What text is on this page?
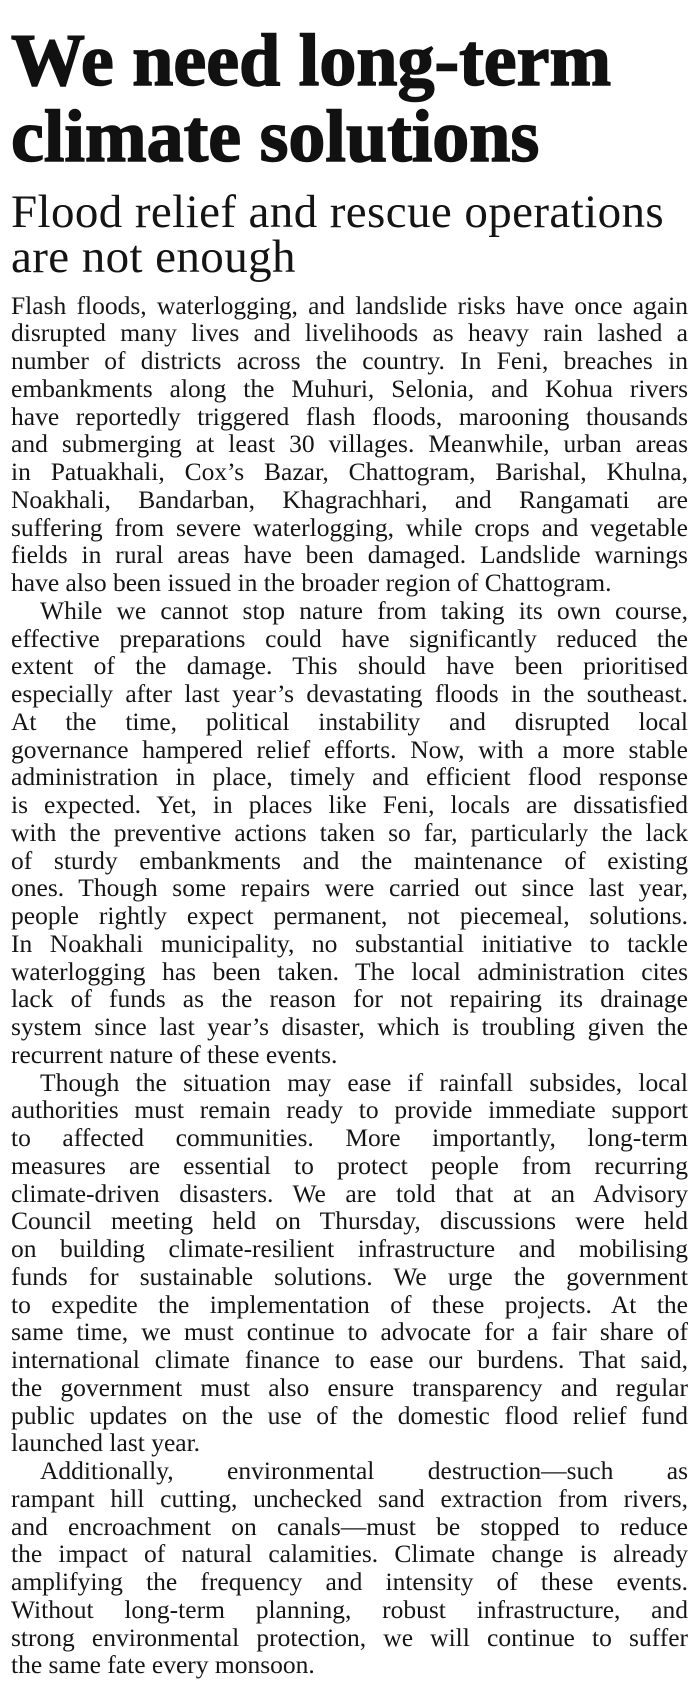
We need long-term
climate solutions
Flood relief and rescue operations
are not enough
Flash floods, waterlogging, and landslide risks have once again
disrupted many lives and livelihoods as heavy rain lashed a
number of districts across the country. In Feni, breaches in
embankments along the Muhuri, Selonia, and Kohua rivers
have reportedly triggered flash floods, marooning thousands
and submerging at least 30 villages. Meanwhile, urban areas
in Patuakhali, Cox’s Bazar, Chattogram, Barishal, Khulna,
Noakhali, Bandarban, Khagrachhari, and Rangamati are
suffering from severe waterlogging, while crops and vegetable
fields in rural areas have been damaged. Landslide warnings
have also been issued in the broader region of Chattogram.
While we cannot stop nature from taking its own course,
effective preparations could have significantly reduced the
extent of the damage. This should have been prioritised
especially after last year’s devastating floods in the southeast.
At the time, political instability and disrupted local
governance hampered relief efforts. Now, with a more stable
administration in place, timely and efficient flood response
is expected. Yet, in places like Feni, locals are dissatisfied
with the preventive actions taken so far, particularly the lack
of sturdy embankments and the maintenance of existing
ones. Though some repairs were carried out since last year,
people rightly expect permanent, not piecemeal, solutions.
In Noakhali municipality, no substantial initiative to tackle
waterlogging has been taken. The local administration cites
lack of funds as the reason for not repairing its drainage
system since last year’s disaster, which is troubling given the
recurrent nature of these events.
Though the situation may ease if rainfall subsides, local
authorities must remain ready to provide immediate support
to affected communities. More importantly, long-term
measures are essential to protect people from recurring
climate-driven disasters. We are told that at an Advisory
Council meeting held on Thursday, discussions were held
on building climate-resilient infrastructure and mobilising
funds for sustainable solutions. We urge the government
to expedite the implementation of these projects. At the
same time, we must continue to advocate for a fair share of
international climate finance to ease our burdens. That said,
the government must also ensure transparency and regular
public updates on the use of the domestic flood relief fund
launched last year.
Additionally, environmental destruction—such as
rampant hill cutting, unchecked sand extraction from rivers,
and encroachment on canals—must be stopped to reduce
the impact of natural calamities. Climate change is already
amplifying the frequency and intensity of these events.
Without long-term planning, robust infrastructure, and
strong environmental protection, we will continue to suffer
the same fate every monsoon.
